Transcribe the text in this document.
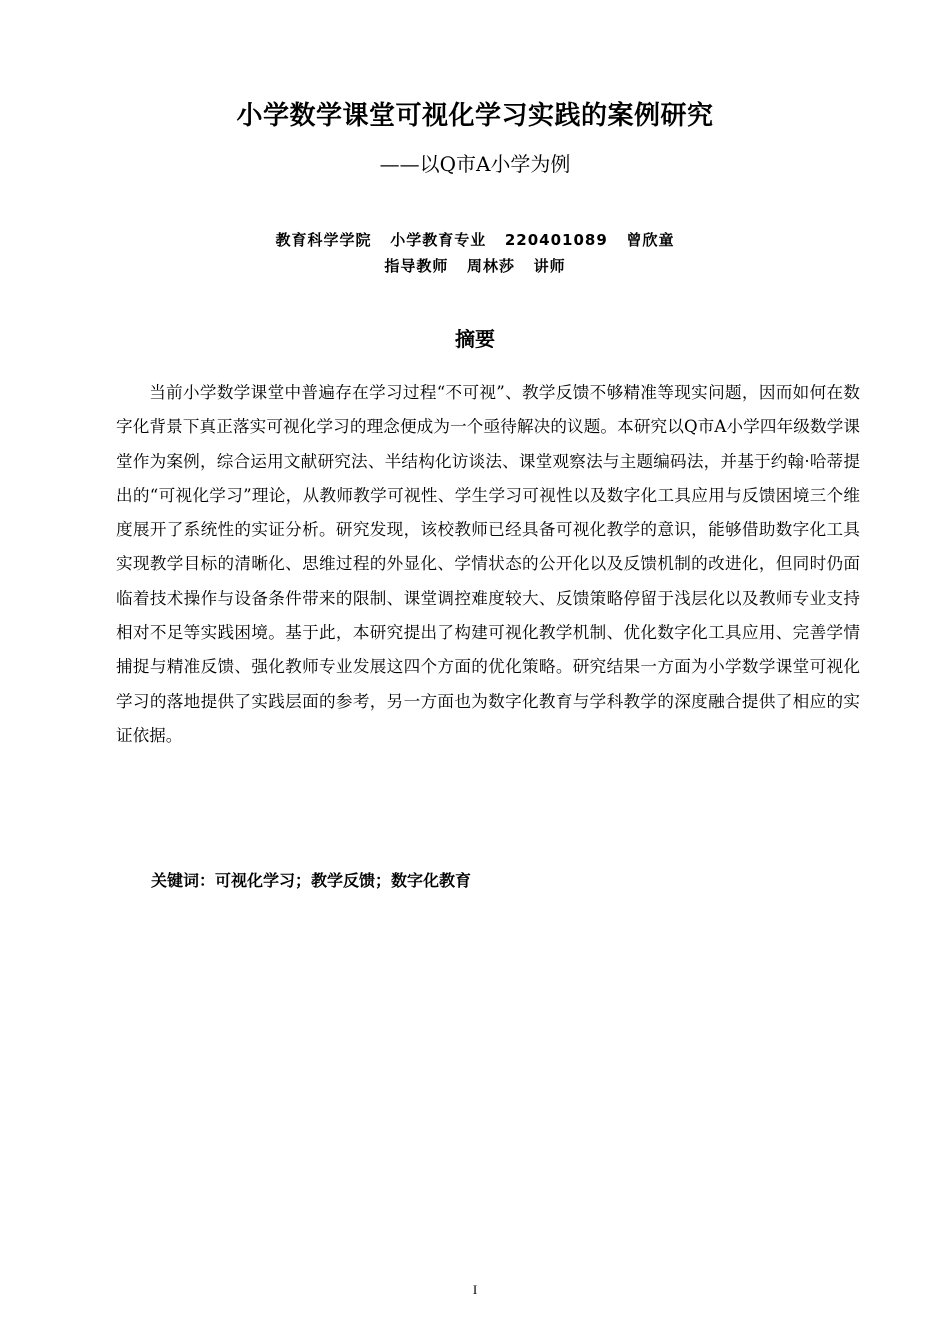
小学数学课堂可视化学习实践的案例研究
——以Q市A小学为例
教育科学学院   小学教育专业   220401089   曾欣童
指导教师   周林莎   讲师
摘要

当前小学数学课堂中普遍存在学习过程“不可视”、教学反馈不够精准等现实问题，因而如何在数字化背景下真正落实可视化学习的理念便成为一个亟待解决的议题。本研究以Q市A小学四年级数学课堂作为案例，综合运用文献研究法、半结构化访谈法、课堂观察法与主题编码法，并基于约翰·哈蒂提出的“可视化学习”理论，从教师教学可视性、学生学习可视性以及数字化工具应用与反馈困境三个维度展开了系统性的实证分析。研究发现，该校教师已经具备可视化教学的意识，能够借助数字化工具实现教学目标的清晰化、思维过程的外显化、学情状态的公开化以及反馈机制的改进化，但同时仍面临着技术操作与设备条件带来的限制、课堂调控难度较大、反馈策略停留于浅层化以及教师专业支持相对不足等实践困境。基于此，本研究提出了构建可视化教学机制、优化数字化工具应用、完善学情捕捉与精准反馈、强化教师专业发展这四个方面的优化策略。研究结果一方面为小学数学课堂可视化学习的落地提供了实践层面的参考，另一方面也为数字化教育与学科教学的深度融合提供了相应的实证依据。

关键词：可视化学习；教学反馈；数字化教育
I
